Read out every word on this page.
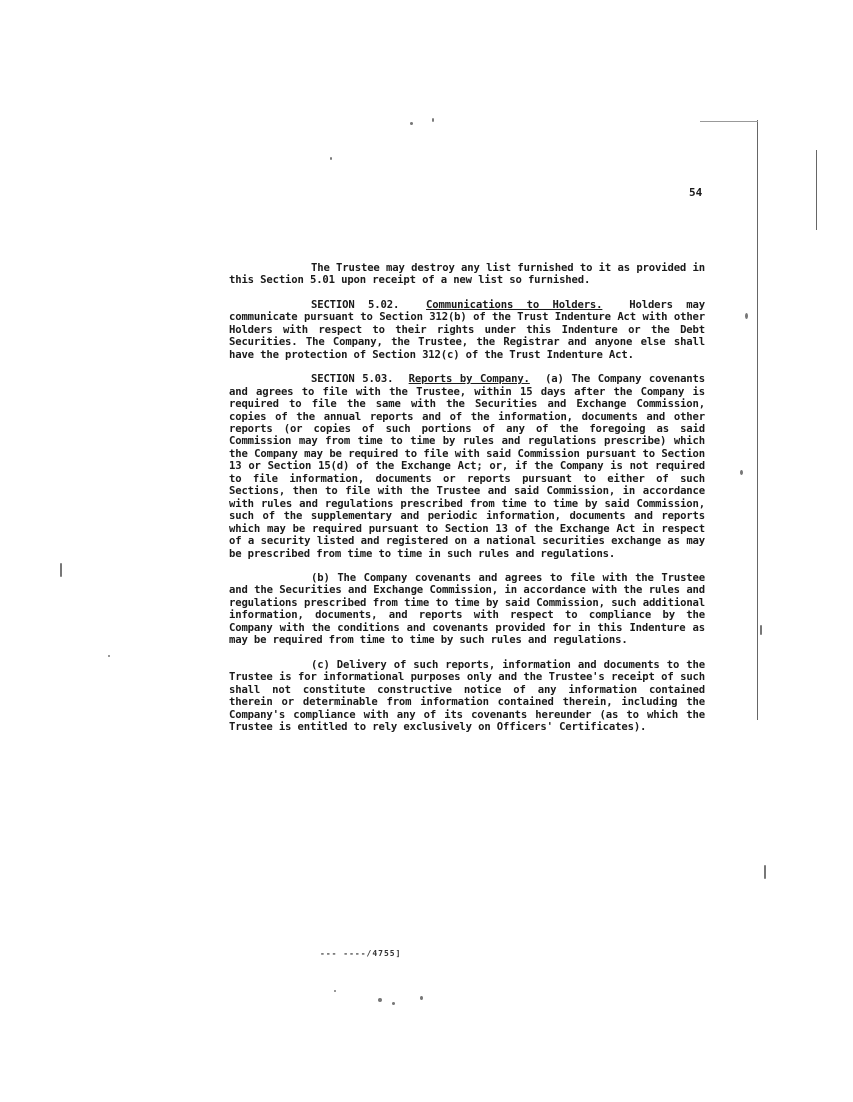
54

The Trustee may destroy any list furnished to it as provided in this Section 5.01 upon receipt of a new list so furnished.

SECTION 5.02.	Communications to Holders.	Holders may communicate pursuant to Section 312(b) of the Trust Indenture Act with other Holders with respect to their rights under this Indenture or the Debt Securities. The Company, the Trustee, the Registrar and anyone else shall have the protection of Section 312(c) of the Trust Indenture Act.

SECTION 5.03. Reports by Company. (a) The Company covenants and agrees to file with the Trustee, within 15 days after the Company is required to file the same with the Securities and Exchange Commission, copies of the annual reports and of the information, documents and other reports (or copies of such portions of any of the foregoing as said Commission may from time to time by rules and regulations prescribe) which the Company may be required to file with said Commission pursuant to Section 13 or Section 15(d) of the Exchange Act; or, if the Company is not required to file information, documents or reports pursuant to either of such Sections, then to file with the Trustee and said Commission, in accordance with rules and regulations prescribed from time to time by said Commission, such of the supplementary and periodic information, documents and reports which may be required pursuant to Section 13 of the Exchange Act in respect of a security listed and registered on a national securities exchange as may be prescribed from time to time in such rules and regulations.

(b) The Company covenants and agrees to file with the Trustee and the Securities and Exchange Commission, in accordance with the rules and regulations prescribed from time to time by said Commission, such additional information, documents, and reports with respect to compliance by the Company with the conditions and covenants provided for in this Indenture as may be required from time to time by such rules and regulations.

(c) Delivery of such reports, information and documents to the Trustee is for informational purposes only and the Trustee's receipt of such shall not constitute constructive notice of any information contained therein or determinable from information contained therein, including the Company's compliance with any of its covenants hereunder (as to which the Trustee is entitled to rely exclusively on Officers' Certificates).

--- ----/4755]
